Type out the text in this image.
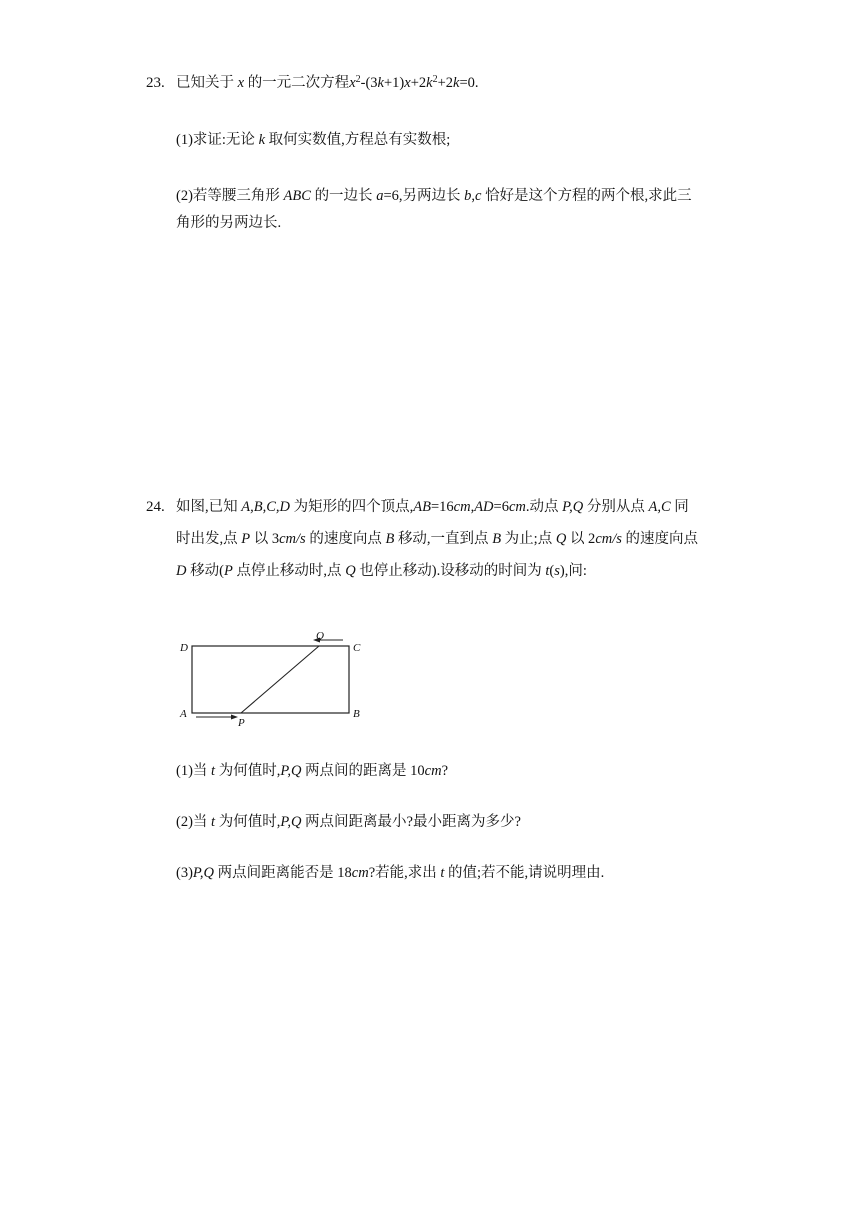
23. 已知关于 x 的一元二次方程$x^2-(3k+1)x+2k^2+2k=0$.
(1)求证:无论 k 取何实数值,方程总有实数根;
(2)若等腰三角形 ABC 的一边长 a=6,另两边长 b,c 恰好是这个方程的两个根,求此三
角形的另两边长.
24. 如图,已知 A,B,C,D 为矩形的四个顶点,AB=16cm,AD=6cm.动点 P,Q 分别从点 A,C 同
时出发,点 P 以 3cm/s 的速度向点 B 移动,一直到点 B 为止;点 Q 以 2cm/s 的速度向点
D 移动(P 点停止移动时,点 Q 也停止移动).设移动的时间为 t(s),问:
D	C
A	B
P
Q
(1)当 t 为何值时,P,Q 两点间的距离是 10cm?
(2)当 t 为何值时,P,Q 两点间距离最小?最小距离为多少?
(3)P,Q 两点间距离能否是 18cm?若能,求出 t 的值;若不能,请说明理由.
